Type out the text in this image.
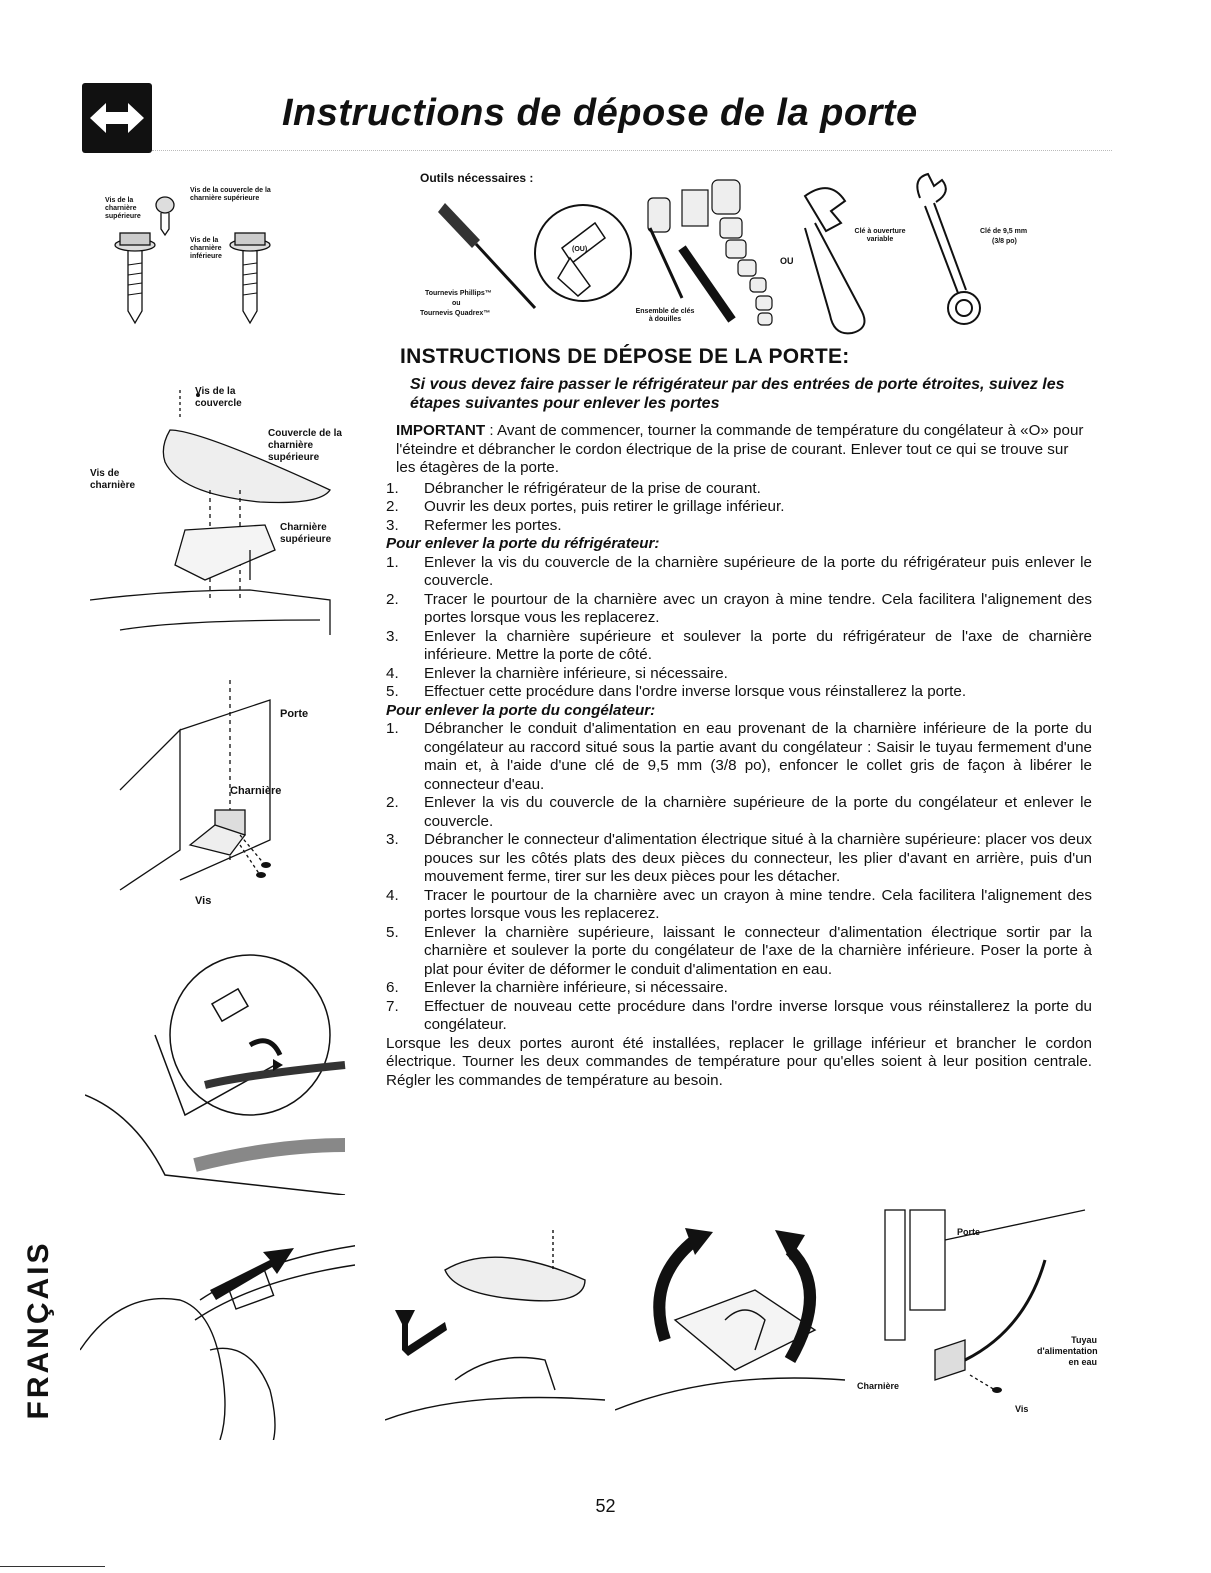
Instructions de dépose de la porte
Outils nécessaires :
Tournevis Phillips™
ou
Tournevis Quadrex™
(OU)
Ensemble de clés à douilles
OU
Clé à ouverture variable
Clé de 9,5 mm
(3/8 po)
Vis de la charnière supérieure
Vis de la couvercle de la charnière supérieure
Vis de la charnière inférieure
Vis de la couvercle
Couvercle de la charnière supérieure
Vis de charnière
Charnière supérieure
Porte
Charnière
Vis
INSTRUCTIONS DE DÉPOSE DE LA PORTE:
Si vous devez faire passer le réfrigérateur par des entrées de porte étroites, suivez les étapes suivantes pour enlever les portes

IMPORTANT : Avant de commencer, tourner la commande de température du congélateur à «O» pour l'éteindre et débrancher le cordon électrique de la prise de courant. Enlever tout ce qui se trouve sur les étagères de la porte.

1.	Débrancher le réfrigérateur de la prise de courant.
2.	Ouvrir les deux portes, puis retirer le grillage inférieur.
3.	Refermer les portes.

Pour enlever la porte du réfrigérateur:

1.	Enlever la vis du couvercle de la charnière supérieure de la porte du réfrigérateur puis enlever le couvercle.
2.	Tracer le pourtour de la charnière avec un crayon à mine tendre. Cela facilitera l'alignement des portes lorsque vous les replacerez.
3.	Enlever la charnière supérieure et soulever la porte du réfrigérateur de l'axe de charnière inférieure. Mettre la porte de côté.
4.	Enlever la charnière inférieure, si nécessaire.
5.	Effectuer cette procédure dans l'ordre inverse lorsque vous réinstallerez la porte.

Pour enlever la porte du congélateur:

1.	Débrancher le conduit d'alimentation en eau provenant de la charnière inférieure de la porte du congélateur au raccord situé sous la partie avant du congélateur : Saisir le tuyau fermement d'une main et, à l'aide d'une clé de 9,5 mm (3/8 po), enfoncer le collet gris de façon à libérer le connecteur d'eau.
2.	Enlever la vis du couvercle de la charnière supérieure de la porte du congélateur et enlever le couvercle.
3.	Débrancher le connecteur d'alimentation électrique situé à la charnière supérieure: placer vos deux pouces sur les côtés plats des deux pièces du connecteur, les plier d'avant en arrière, puis d'un mouvement ferme, tirer sur les deux pièces pour les détacher.
4.	Tracer le pourtour de la charnière avec un crayon à mine tendre. Cela facilitera l'alignement des portes lorsque vous les replacerez.
5.	Enlever la charnière supérieure, laissant le connecteur d'alimentation électrique sortir par la charnière et soulever la porte du congélateur de l'axe de la charnière inférieure. Poser la porte à plat pour éviter de déformer le conduit d'alimentation en eau.
6.	Enlever la charnière inférieure, si nécessaire.
7.	Effectuer de nouveau cette procédure dans l'ordre inverse lorsque vous réinstallerez la porte du congélateur.

Lorsque les deux portes auront été installées, replacer le grillage inférieur et brancher le cordon électrique. Tourner les deux commandes de température pour qu'elles soient à leur position centrale. Régler les commandes de température au besoin.

Porte
Tuyau d'alimentation en eau
Charnière
Vis
FRANÇAIS
52
